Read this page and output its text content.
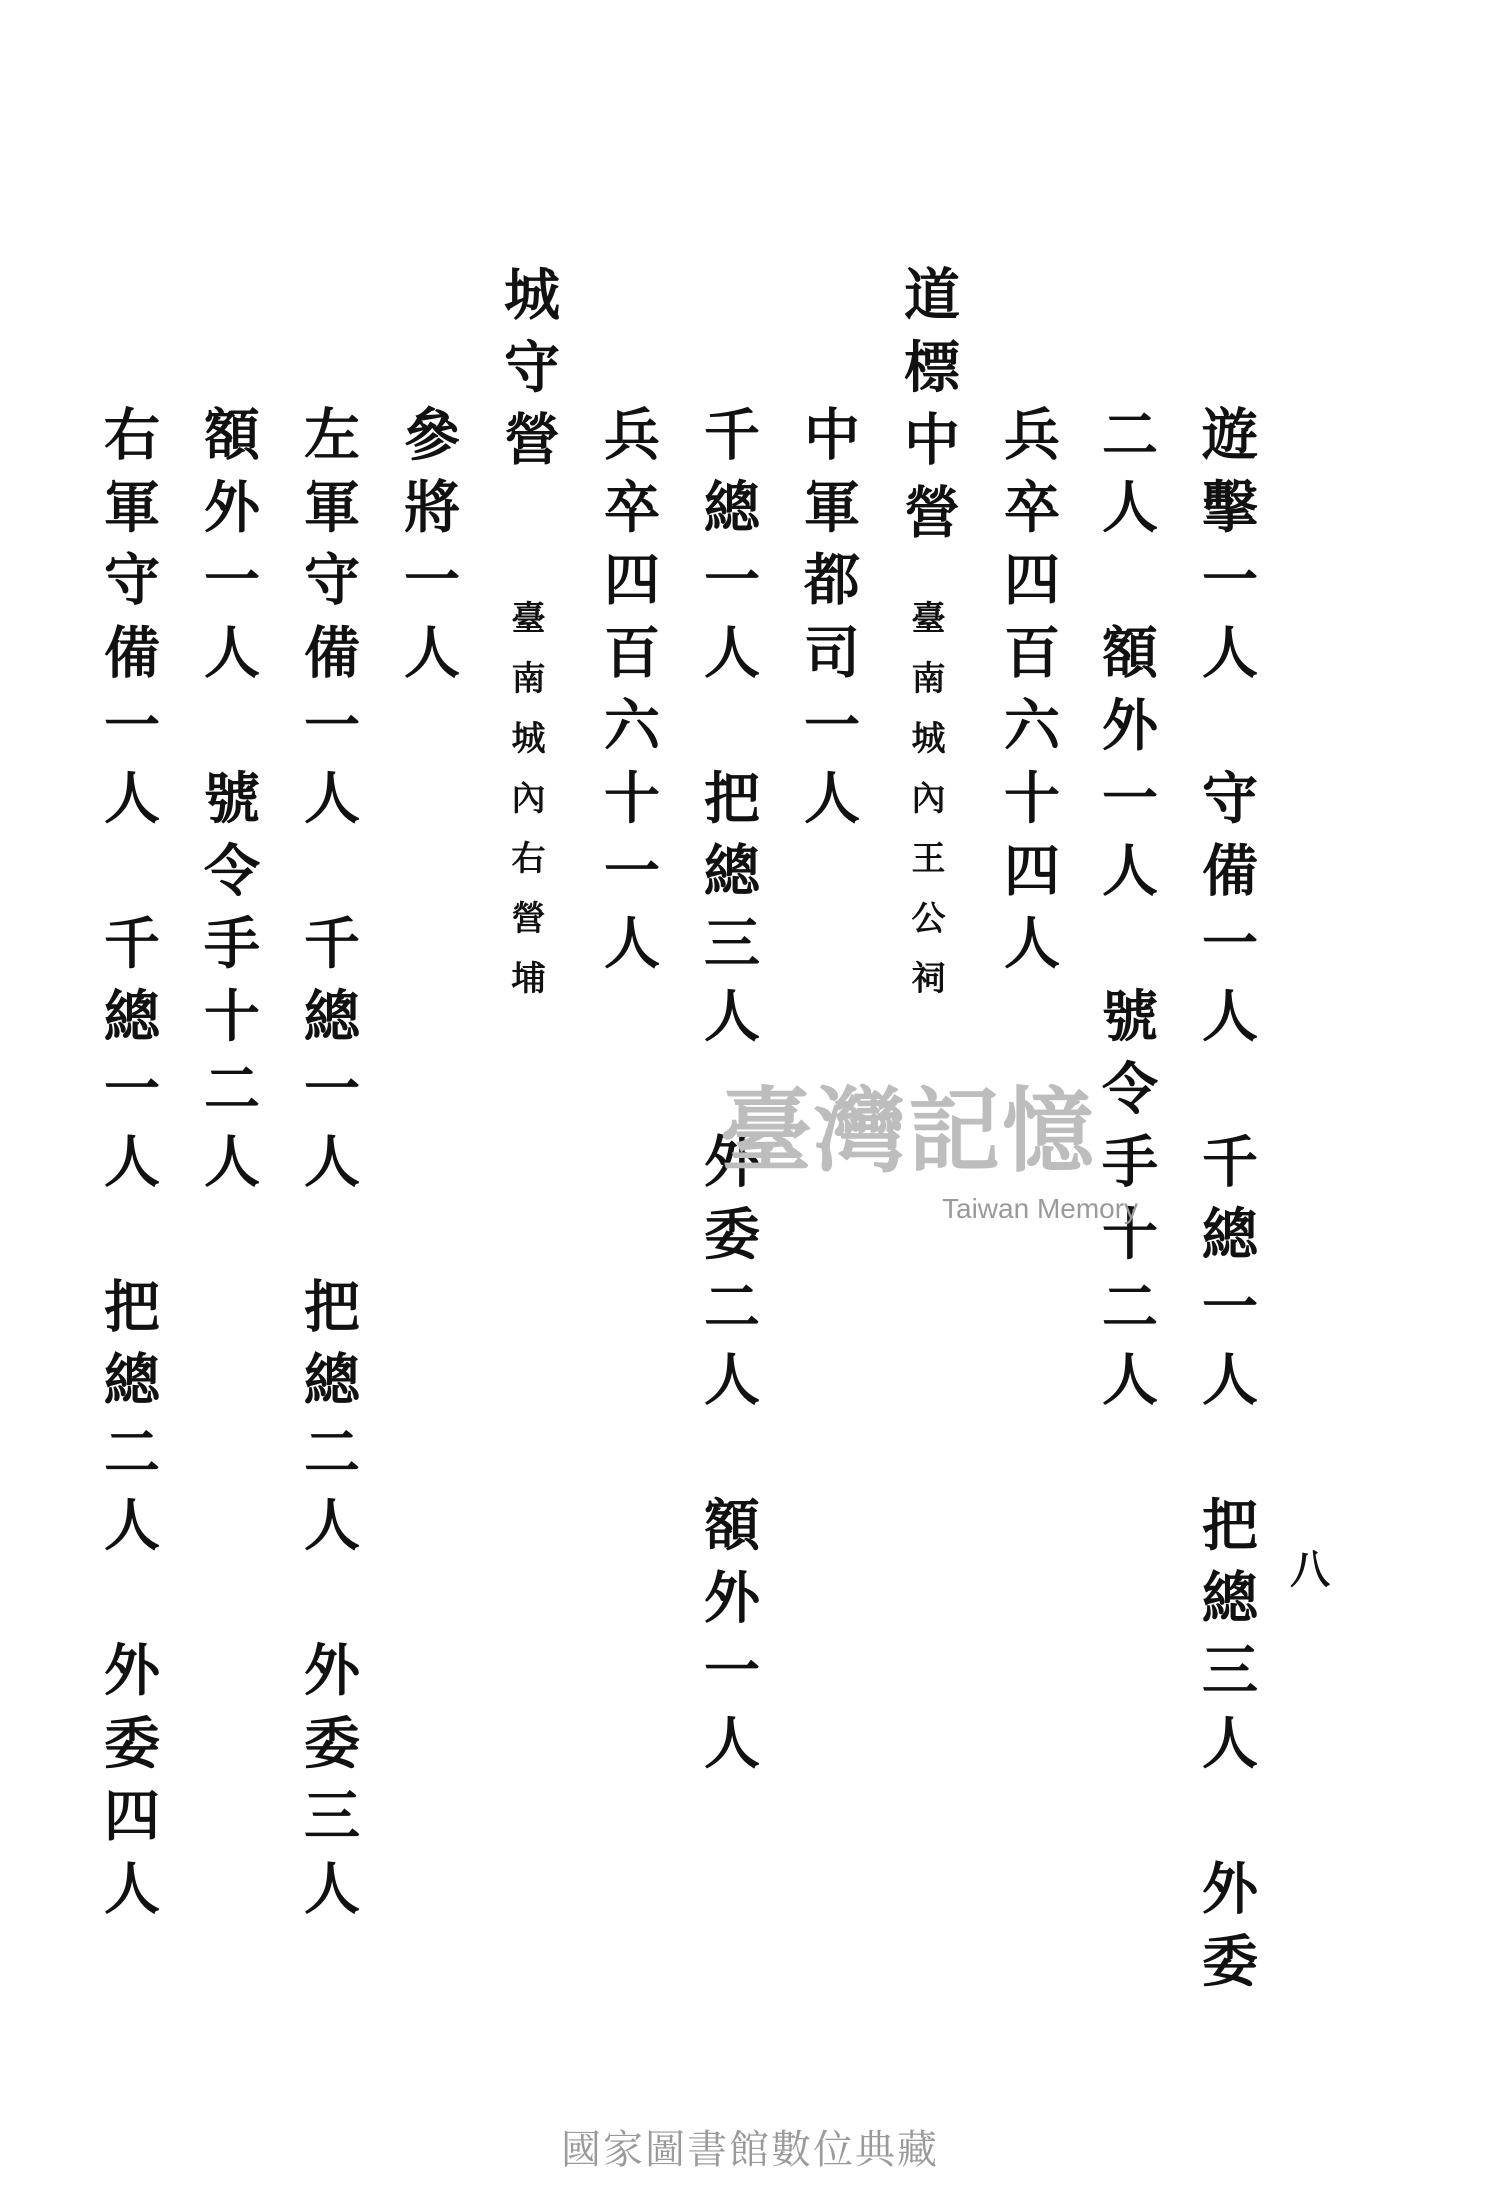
遊擊一人　守備一人　千總一人　把總三人　外委
二人　額外一人　號令手十二人
兵卒四百六十四人
道標中營
臺南城內王公祠
中軍都司一人
千總一人　把總三人　外委二人　額外一人
兵卒四百六十一人
城守營
臺南城內右營埔
參將一人
左軍守備一人　千總一人　把總二人　外委三人
額外一人　號令手十二人
右軍守備一人　千總一人　把總二人　外委四人	八
臺灣記憶
Taiwan Memory
國家圖書館數位典藏
